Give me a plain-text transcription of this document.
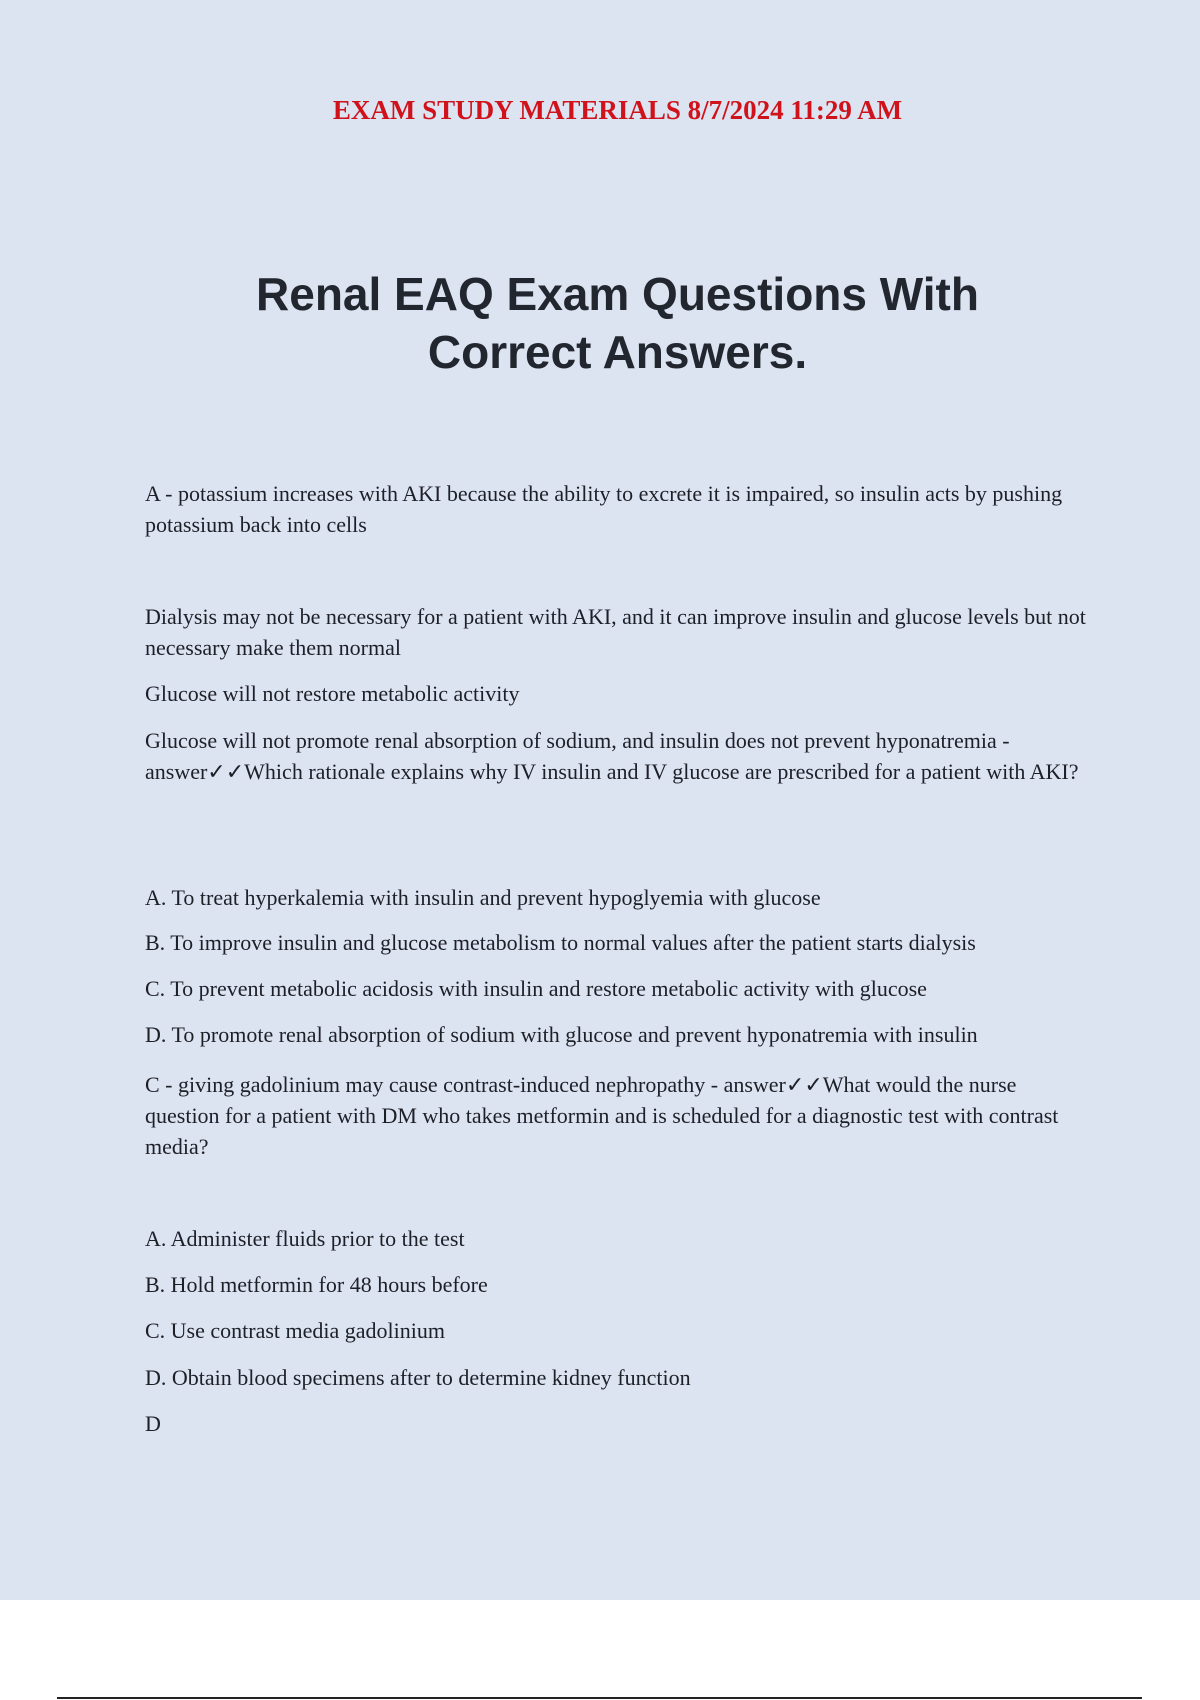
EXAM STUDY MATERIALS 8/7/2024 11:29 AM
Renal EAQ Exam Questions With
Correct Answers.

A - potassium increases with AKI because the ability to excrete it is impaired, so insulin acts by pushing potassium back into cells

Dialysis may not be necessary for a patient with AKI, and it can improve insulin and glucose levels but not necessary make them normal

Glucose will not restore metabolic activity

Glucose will not promote renal absorption of sodium, and insulin does not prevent hyponatremia - answer✓✓Which rationale explains why IV insulin and IV glucose are prescribed for a patient with AKI?

A. To treat hyperkalemia with insulin and prevent hypoglyemia with glucose

B. To improve insulin and glucose metabolism to normal values after the patient starts dialysis

C. To prevent metabolic acidosis with insulin and restore metabolic activity with glucose

D. To promote renal absorption of sodium with glucose and prevent hyponatremia with insulin

C - giving gadolinium may cause contrast-induced nephropathy - answer✓✓What would the nurse question for a patient with DM who takes metformin and is scheduled for a diagnostic test with contrast media?

A. Administer fluids prior to the test

B. Hold metformin for 48 hours before

C. Use contrast media gadolinium

D. Obtain blood specimens after to determine kidney function

D
